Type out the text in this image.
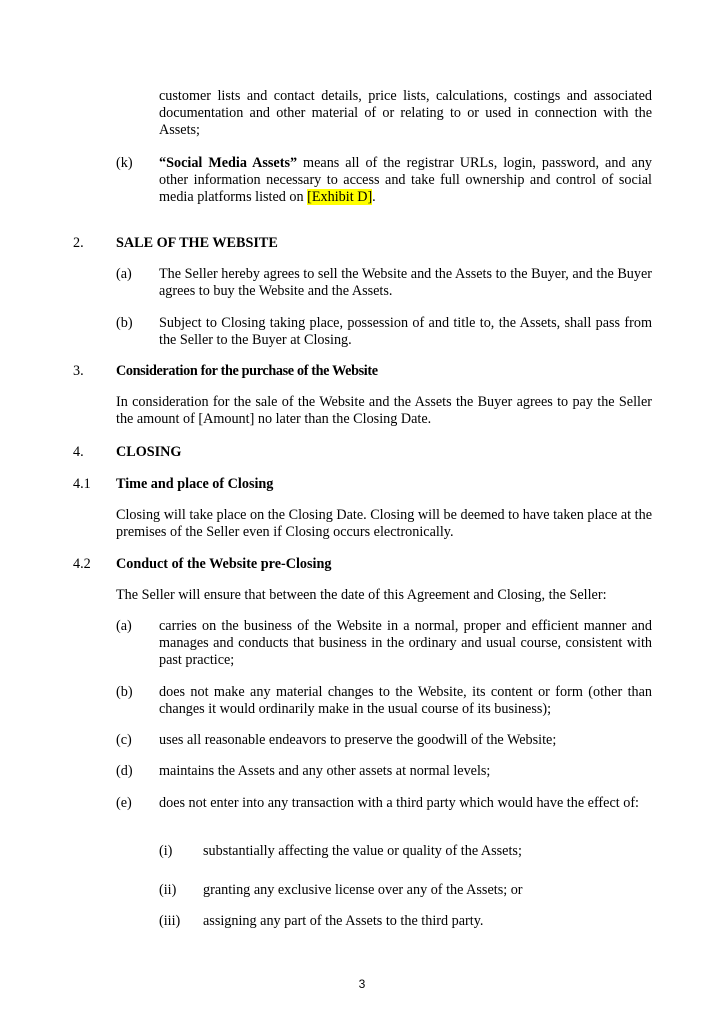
customer lists and contact details, price lists, calculations, costings and associated documentation and other material of or relating to or used in connection with the Assets;
(k) “Social Media Assets” means all of the registrar URLs, login, password, and any other information necessary to access and take full ownership and control of social media platforms listed on [Exhibit D].
2. SALE OF THE WEBSITE
(a) The Seller hereby agrees to sell the Website and the Assets to the Buyer, and the Buyer agrees to buy the Website and the Assets.
(b) Subject to Closing taking place, possession of and title to, the Assets, shall pass from the Seller to the Buyer at Closing.
3. Consideration for the purchase of the Website
In consideration for the sale of the Website and the Assets the Buyer agrees to pay the Seller the amount of [Amount] no later than the Closing Date.
4. CLOSING
4.1 Time and place of Closing
Closing will take place on the Closing Date. Closing will be deemed to have taken place at the premises of the Seller even if Closing occurs electronically.
4.2 Conduct of the Website pre-Closing
The Seller will ensure that between the date of this Agreement and Closing, the Seller:
(a) carries on the business of the Website in a normal, proper and efficient manner and manages and conducts that business in the ordinary and usual course, consistent with past practice;
(b) does not make any material changes to the Website, its content or form (other than changes it would ordinarily make in the usual course of its business);
(c) uses all reasonable endeavors to preserve the goodwill of the Website;
(d) maintains the Assets and any other assets at normal levels;
(e) does not enter into any transaction with a third party which would have the effect of:
(i) substantially affecting the value or quality of the Assets;
(ii) granting any exclusive license over any of the Assets; or
(iii) assigning any part of the Assets to the third party.
3
